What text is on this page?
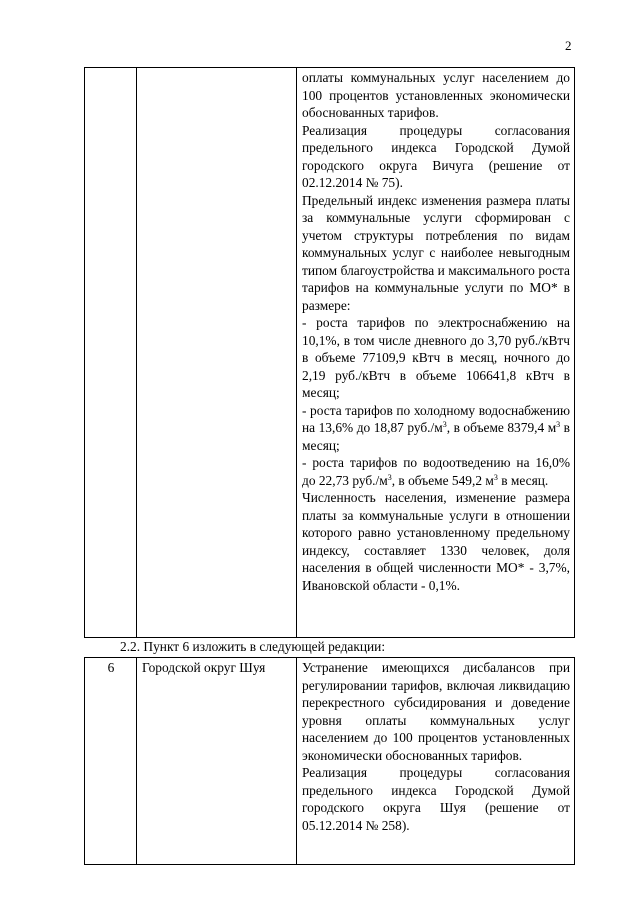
2

оплаты коммунальных услуг населением до 100 процентов установленных экономически обоснованных тарифов.

Реализация процедуры согласования предельного индекса Городской Думой городского округа Вичуга (решение от 02.12.2014 № 75).

Предельный индекс изменения размера платы за коммунальные услуги сформирован с учетом структуры потребления по видам коммунальных услуг с наиболее невыгодным типом благоустройства и максимального роста тарифов на коммунальные услуги по МО* в размере:

- роста тарифов по электроснабжению на 10,1%, в том числе дневного до 3,70 руб./кВтч в объеме 77109,9 кВтч в месяц, ночного до 2,19 руб./кВтч в объеме 106641,8 кВтч в месяц;

- роста тарифов по холодному водоснабжению на 13,6% до 18,87 $руб./м^3$, в объеме 8379,4 $м^3$ в месяц;

- роста тарифов по водоотведению на 16,0% до 22,73 $руб./м^3$, в объеме 549,2 $м^3$ в месяц.

Численность населения, изменение размера платы за коммунальные услуги в отношении которого равно установленному предельному индексу, составляет 1330 человек, доля населения в общей численности МО* - 3,7%, Ивановской области - 0,1%.

2.2. Пункт 6 изложить в следующей редакции:
6	Городской округ Шуя	Устранение имеющихся дисбалансов при регулировании тарифов, включая ликвидацию перекрестного субсидирования и доведение уровня оплаты коммунальных услуг населением до 100 процентов установленных экономически обоснованных тарифов.

Реализация процедуры согласования предельного индекса Городской Думой городского округа Шуя (решение от 05.12.2014 № 258).
